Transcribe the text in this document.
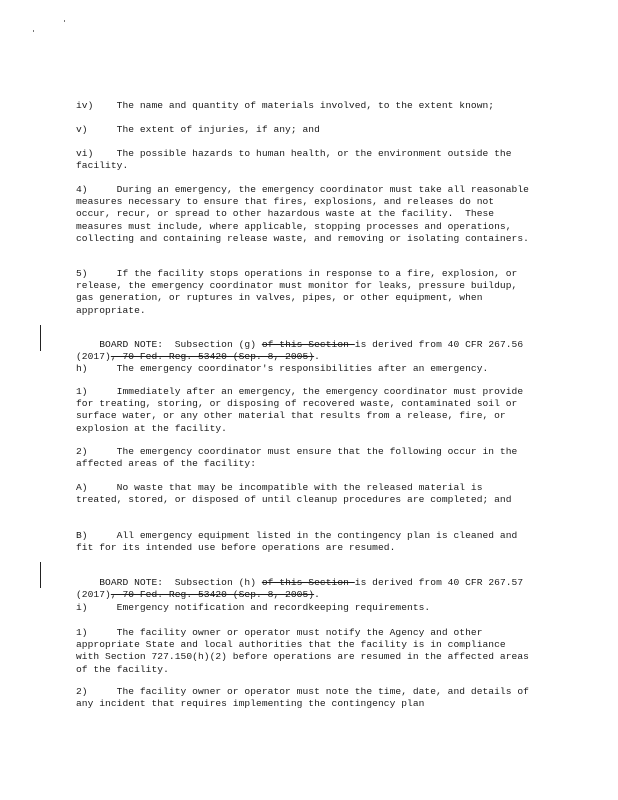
iv)    The name and quantity of materials involved, to the extent known;
v)     The extent of injuries, if any; and
vi)    The possible hazards to human health, or the environment outside the facility.
4)     During an emergency, the emergency coordinator must take all reasonable measures necessary to ensure that fires, explosions, and releases do not occur, recur, or spread to other hazardous waste at the facility.  These measures must include, where applicable, stopping processes and operations, collecting and containing release waste, and removing or isolating containers.
5)     If the facility stops operations in response to a fire, explosion, or release, the emergency coordinator must monitor for leaks, pressure buildup, gas generation, or ruptures in valves, pipes, or other equipment, when appropriate.

BOARD NOTE:  Subsection (g) of this Section is derived from 40 CFR 267.56 (2017), 70 Fed. Reg. 53420 (Sep. 8, 2005).

h)     The emergency coordinator's responsibilities after an emergency.
1)     Immediately after an emergency, the emergency coordinator must provide for treating, storing, or disposing of recovered waste, contaminated soil or surface water, or any other material that results from a release, fire, or explosion at the facility.
2)     The emergency coordinator must ensure that the following occur in the affected areas of the facility:
A)     No waste that may be incompatible with the released material is treated, stored, or disposed of until cleanup procedures are completed; and
B)     All emergency equipment listed in the contingency plan is cleaned and fit for its intended use before operations are resumed.

BOARD NOTE:  Subsection (h) of this Section is derived from 40 CFR 267.57 (2017), 70 Fed. Reg. 53420 (Sep. 8, 2005).

i)     Emergency notification and recordkeeping requirements.
1)     The facility owner or operator must notify the Agency and other appropriate State and local authorities that the facility is in compliance with Section 727.150(h)(2) before operations are resumed in the affected areas of the facility.
2)     The facility owner or operator must note the time, date, and details of any incident that requires implementing the contingency plan
